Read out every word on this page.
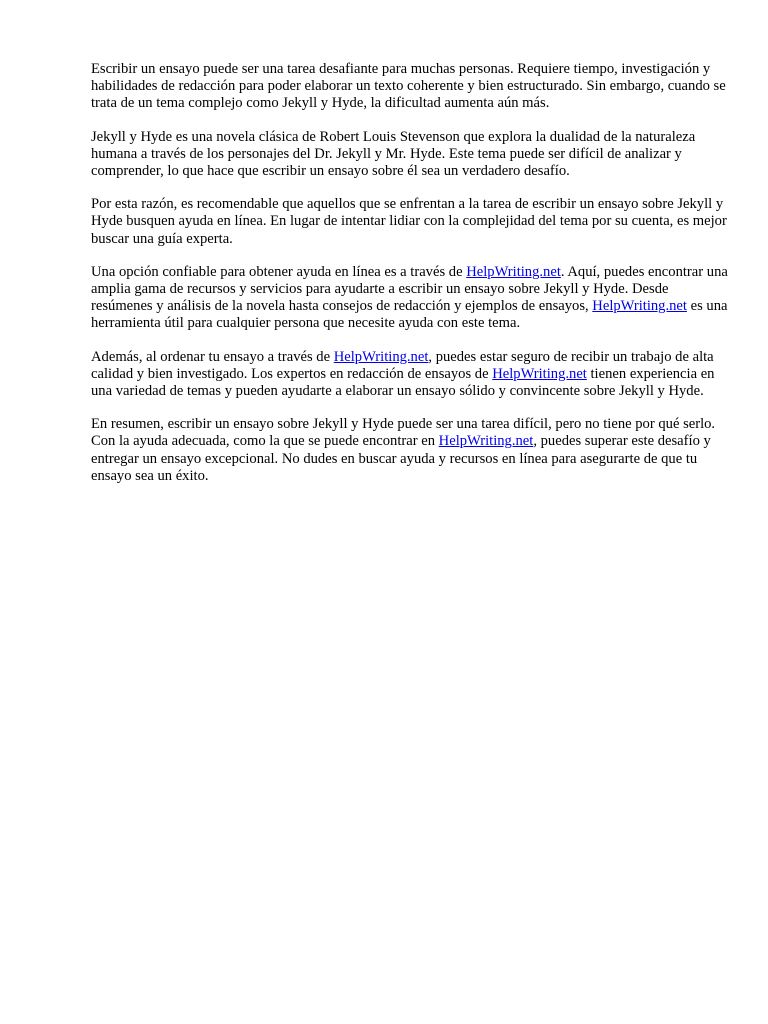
Escribir un ensayo puede ser una tarea desafiante para muchas personas. Requiere tiempo, investigación y habilidades de redacción para poder elaborar un texto coherente y bien estructurado. Sin embargo, cuando se trata de un tema complejo como Jekyll y Hyde, la dificultad aumenta aún más.

Jekyll y Hyde es una novela clásica de Robert Louis Stevenson que explora la dualidad de la naturaleza humana a través de los personajes del Dr. Jekyll y Mr. Hyde. Este tema puede ser difícil de analizar y comprender, lo que hace que escribir un ensayo sobre él sea un verdadero desafío.

Por esta razón, es recomendable que aquellos que se enfrentan a la tarea de escribir un ensayo sobre Jekyll y Hyde busquen ayuda en línea. En lugar de intentar lidiar con la complejidad del tema por su cuenta, es mejor buscar una guía experta.

Una opción confiable para obtener ayuda en línea es a través de HelpWriting.net. Aquí, puedes encontrar una amplia gama de recursos y servicios para ayudarte a escribir un ensayo sobre Jekyll y Hyde. Desde resúmenes y análisis de la novela hasta consejos de redacción y ejemplos de ensayos, HelpWriting.net es una herramienta útil para cualquier persona que necesite ayuda con este tema.

Además, al ordenar tu ensayo a través de HelpWriting.net, puedes estar seguro de recibir un trabajo de alta calidad y bien investigado. Los expertos en redacción de ensayos de HelpWriting.net tienen experiencia en una variedad de temas y pueden ayudarte a elaborar un ensayo sólido y convincente sobre Jekyll y Hyde.

En resumen, escribir un ensayo sobre Jekyll y Hyde puede ser una tarea difícil, pero no tiene por qué serlo. Con la ayuda adecuada, como la que se puede encontrar en HelpWriting.net, puedes superar este desafío y entregar un ensayo excepcional. No dudes en buscar ayuda y recursos en línea para asegurarte de que tu ensayo sea un éxito.
